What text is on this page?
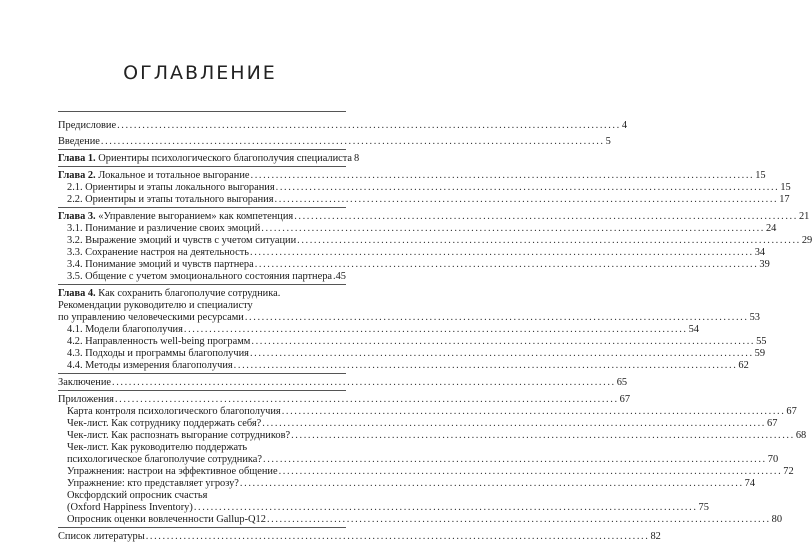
ОГЛАВЛЕНИЕ
Предисловие ........................................................................................................................ 4
Введение ........................................................................................................................ 5
Глава 1. Ориентиры психологического благополучия специалиста 8
Глава 2. Локальное и тотальное выгорание ........................................................................................................................ 15
2.1. Ориентиры и этапы локального выгорания ........................................................................................................................ 15
2.2. Ориентиры и этапы тотального выгорания ........................................................................................................................ 17
Глава 3. «Управление выгоранием» как компетенция ........................................................................................................................ 21
3.1. Понимание и различение своих эмоций ........................................................................................................................ 24
3.2. Выражение эмоций и чувств с учетом ситуации ........................................................................................................................ 29
3.3. Сохранение настроя на деятельность ........................................................................................................................ 34
3.4. Понимание эмоций и чувств партнера ........................................................................................................................ 39
3.5. Общение с учетом эмоционального состояния партнера 45
Глава 4. Как сохранить благополучие сотрудника.
Рекомендации руководителю и специалисту
по управлению человеческими ресурсами ........................................................................................................................ 53
4.1. Модели благополучия ........................................................................................................................ 54
4.2. Направленность well-being программ ........................................................................................................................ 55
4.3. Подходы и программы благополучия ........................................................................................................................ 59
4.4. Методы измерения благополучия ........................................................................................................................ 62
Заключение ........................................................................................................................ 65
Приложения ........................................................................................................................ 67
Карта контроля психологического благополучия ........................................................................................................................ 67
Чек-лист. Как сотруднику поддержать себя? ........................................................................................................................ 67
Чек-лист. Как распознать выгорание сотрудников? ........................................................................................................................ 68
Чек-лист. Как руководителю поддержать
психологическое благополучие сотрудника? ........................................................................................................................ 70
Упражнения: настрои на эффективное общение ........................................................................................................................ 72
Упражнение: кто представляет угрозу? ........................................................................................................................ 74
Оксфордский опросник счастья
(Oxford Happiness Inventory) ........................................................................................................................ 75
Опросник оценки вовлеченности Gallup-Q12 ........................................................................................................................ 80
Список литературы ........................................................................................................................ 82
